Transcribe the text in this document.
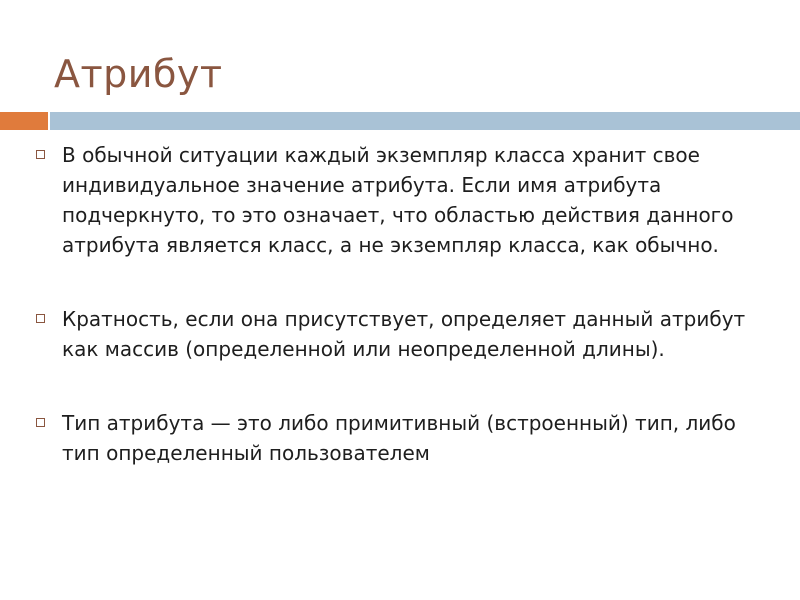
Атрибут
В обычной ситуации каждый экземпляр класса хранит свое индивидуальное значение атрибута. Если имя атрибута подчеркнуто, то это означает, что областью действия данного атрибута является класс, а не экземпляр класса, как обычно.
Кратность, если она присутствует, определяет данный атрибут как массив (определенной или неопределенной длины).
Тип атрибута — это либо примитивный (встроенный) тип, либо тип определенный пользователем
